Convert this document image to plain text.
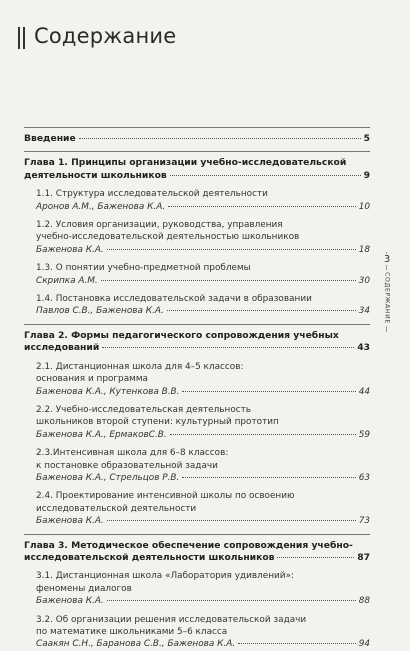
Содержание
Введение	5
Глава 1. Принципы организации учебно-исследовательской
деятельности школьников	9
1.1. Структура исследовательской деятельности
Аронов А.М., Баженова К.А.	10
1.2. Условия организации, руководства, управления
учебно-исследовательской деятельностью школьников
Баженова К.А.	18
1.3. О понятии учебно-предметной проблемы
Скрипка А.М.	30
1.4. Постановка исследовательской задачи в образовании
Павлов С.В., Баженова К.А.	34
Глава 2. Формы педагогического сопровождения учебных
исследований	43
2.1. Дистанционная школа для 4–5 классов:
основания и программа
Баженова К.А., Кутенкова В.В.	44
2.2. Учебно-исследовательская деятельность
школьников второй ступени: культурный прототип
Баженова К.А., ЕрмаковС.В.	59
2.3.Интенсивная школа для 6–8 классов:
к постановке образовательной задачи
Баженова К.А., Стрельцов Р.В.	63
2.4. Проектирование интенсивной школы по освоению
исследовательской деятельности
Баженова К.А.	73
Глава 3. Методическое обеспечение сопровождения учебно-
исследовательской деятельности школьников	87
3.1. Дистанционная школа «Лаборатория удивлений»:
феномены диалогов
Баженова К.А.	88
3.2. Об организации решения исследовательской задачи
по математике школьниками 5–6 класса
Саакян С.Н., Баранова С.В., Баженова К.А.	94
3
СОДЕРЖАНИЕ
